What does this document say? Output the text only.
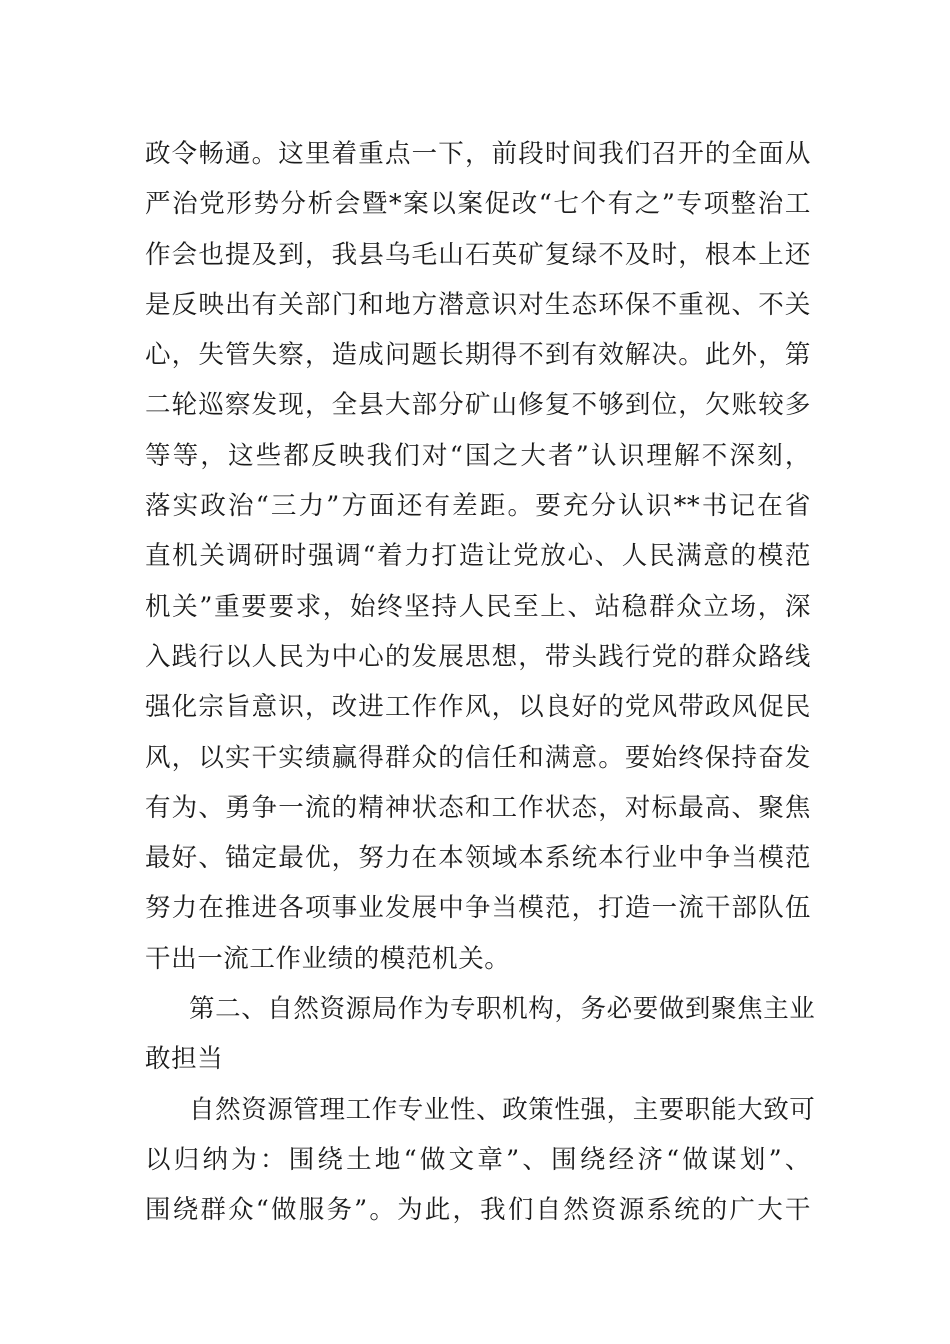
政令畅通。这里着重点一下，前段时间我们召开的全面从
严治党形势分析会暨*案以案促改“七个有之”专项整治工
作会也提及到，我县乌毛山石英矿复绿不及时，根本上还
是反映出有关部门和地方潜意识对生态环保不重视、不关
心，失管失察，造成问题长期得不到有效解决。此外，第
二轮巡察发现，全县大部分矿山修复不够到位，欠账较多
等等，这些都反映我们对“国之大者”认识理解不深刻，
落实政治“三力”方面还有差距。要充分认识**书记在省
直机关调研时强调“着力打造让党放心、人民满意的模范
机关”重要要求，始终坚持人民至上、站稳群众立场，深
入践行以人民为中心的发展思想，带头践行党的群众路线
强化宗旨意识，改进工作作风，以良好的党风带政风促民
风，以实干实绩赢得群众的信任和满意。要始终保持奋发
有为、勇争一流的精神状态和工作状态，对标最高、聚焦
最好、锚定最优，努力在本领域本系统本行业中争当模范
努力在推进各项事业发展中争当模范，打造一流干部队伍
干出一流工作业绩的模范机关。
第二、自然资源局作为专职机构，务必要做到聚焦主业
敢担当
自然资源管理工作专业性、政策性强，主要职能大致可
以归纳为：围绕土地“做文章”、围绕经济“做谋划”、
围绕群众“做服务”。为此，我们自然资源系统的广大干
